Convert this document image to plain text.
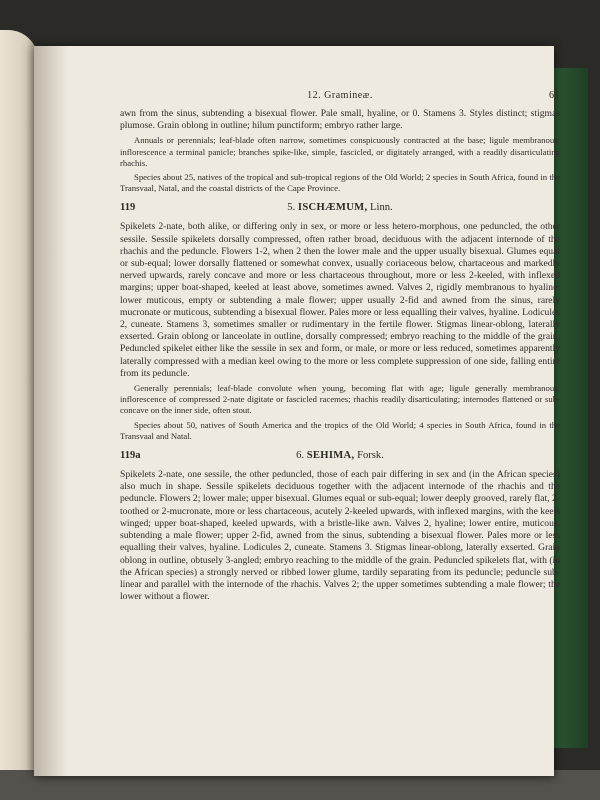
12. Gramineæ.	61

awn from the sinus, subtending a bisexual flower. Pale small, hyaline, or 0. Stamens 3. Styles distinct; stigmas plumose. Grain oblong in outline; hilum punctiform; embryo rather large.

Annuals or perennials; leaf-blade often narrow, sometimes conspicuously contracted at the base; ligule membranous; inflorescence a terminal panicle; branches spike-like, simple, fascicled, or digitately arranged, with a readily disarticulating rhachis.

Species about 25, natives of the tropical and sub-tropical regions of the Old World; 2 species in South Africa, found in the Transvaal, Natal, and the coastal districts of the Cape Province.

119	5. ISCHÆMUM, Linn.

Spikelets 2-nate, both alike, or differing only in sex, or more or less hetero-morphous, one peduncled, the other sessile. Sessile spikelets dorsally compressed, often rather broad, deciduous with the adjacent internode of the rhachis and the peduncle. Flowers 1-2, when 2 then the lower male and the upper usually bisexual. Glumes equal or sub-equal; lower dorsally flattened or somewhat convex, usually coriaceous below, chartaceous and markedly nerved upwards, rarely concave and more or less chartaceous throughout, more or less 2-keeled, with inflexed margins; upper boat-shaped, keeled at least above, sometimes awned. Valves 2, rigidly membranous to hyaline; lower muticous, empty or subtending a male flower; upper usually 2-fid and awned from the sinus, rarely mucronate or muticous, subtending a bisexual flower. Pales more or less equalling their valves, hyaline. Lodicules 2, cuneate. Stamens 3, sometimes smaller or rudimentary in the fertile flower. Stigmas linear-oblong, laterally exserted. Grain oblong or lanceolate in outline, dorsally compressed; embryo reaching to the middle of the grain. Peduncled spikelet either like the sessile in sex and form, or male, or more or less reduced, sometimes apparently laterally compressed with a median keel owing to the more or less complete suppression of one side, falling entire from its peduncle.

Generally perennials; leaf-blade convolute when young, becoming flat with age; ligule generally membranous; inflorescence of compressed 2-nate digitate or fascicled racemes; rhachis readily disarticulating; internodes flattened or sub-concave on the inner side, often stout.

Species about 50, natives of South America and the tropics of the Old World; 4 species in South Africa, found in the Transvaal and Natal.

119a	6. SEHIMA, Forsk.

Spikelets 2-nate, one sessile, the other peduncled, those of each pair differing in sex and (in the African species) also much in shape. Sessile spikelets deciduous together with the adjacent internode of the rhachis and the peduncle. Flowers 2; lower male; upper bisexual. Glumes equal or sub-equal; lower deeply grooved, rarely flat, 2-toothed or 2-mucronate, more or less chartaceous, acutely 2-keeled upwards, with inflexed margins, with the keels winged; upper boat-shaped, keeled upwards, with a bristle-like awn. Valves 2, hyaline; lower entire, muticous, subtending a male flower; upper 2-fid, awned from the sinus, subtending a bisexual flower. Pales more or less equalling their valves, hyaline. Lodicules 2, cuneate. Stamens 3. Stigmas linear-oblong, laterally exserted. Grain oblong in outline, obtusely 3-angled; embryo reaching to the middle of the grain. Peduncled spikelets flat, with (in the African species) a strongly nerved or ribbed lower glume, tardily separating from its peduncle; peduncle sub-linear and parallel with the internode of the rhachis. Valves 2; the upper sometimes subtending a male flower; the lower without a flower.
